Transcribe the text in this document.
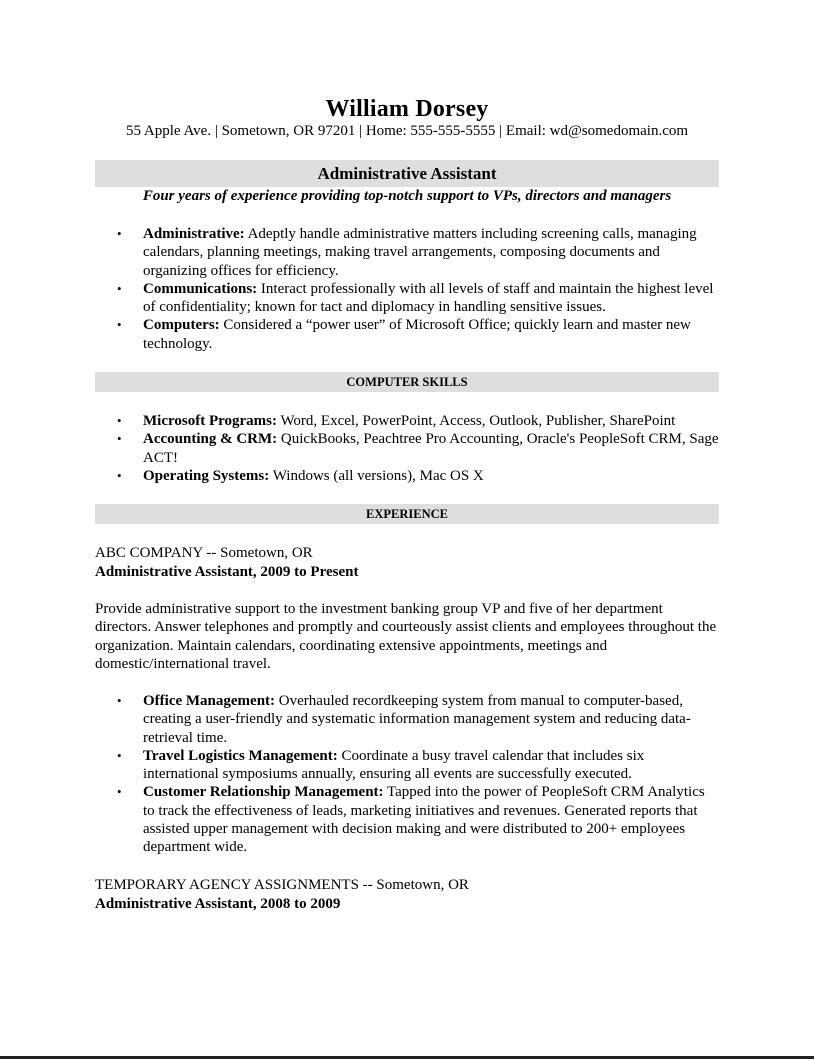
William Dorsey
55 Apple Ave. | Sometown, OR 97201 | Home: 555-555-5555 | Email: wd@somedomain.com
Administrative Assistant
Four years of experience providing top-notch support to VPs, directors and managers
• Administrative: Adeptly handle administrative matters including screening calls, managing calendars, planning meetings, making travel arrangements, composing documents and organizing offices for efficiency.
• Communications: Interact professionally with all levels of staff and maintain the highest level of confidentiality; known for tact and diplomacy in handling sensitive issues.
• Computers: Considered a “power user” of Microsoft Office; quickly learn and master new technology.
COMPUTER SKILLS
• Microsoft Programs: Word, Excel, PowerPoint, Access, Outlook, Publisher, SharePoint
• Accounting & CRM: QuickBooks, Peachtree Pro Accounting, Oracle's PeopleSoft CRM, Sage ACT!
• Operating Systems: Windows (all versions), Mac OS X
EXPERIENCE

ABC COMPANY -- Sometown, OR

Administrative Assistant, 2009 to Present

Provide administrative support to the investment banking group VP and five of her department directors. Answer telephones and promptly and courteously assist clients and employees throughout the organization. Maintain calendars, coordinating extensive appointments, meetings and domestic/international travel.

• Office Management: Overhauled recordkeeping system from manual to computer-based, creating a user-friendly and systematic information management system and reducing data-retrieval time.
• Travel Logistics Management: Coordinate a busy travel calendar that includes six international symposiums annually, ensuring all events are successfully executed.
• Customer Relationship Management: Tapped into the power of PeopleSoft CRM Analytics to track the effectiveness of leads, marketing initiatives and revenues. Generated reports that assisted upper management with decision making and were distributed to 200+ employees department wide.

TEMPORARY AGENCY ASSIGNMENTS -- Sometown, OR

Administrative Assistant, 2008 to 2009
